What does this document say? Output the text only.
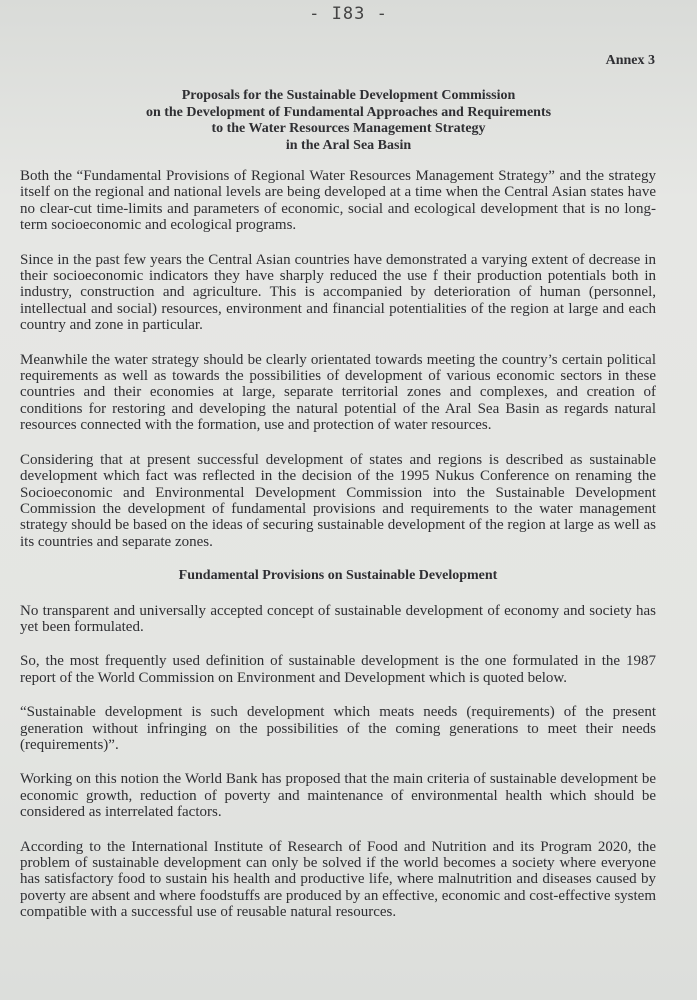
- I83 -
Annex 3
Proposals for the Sustainable Development Commission
on the Development of Fundamental Approaches and Requirements
to the Water Resources Management Strategy
in the Aral Sea Basin

Both the “Fundamental Provisions of Regional Water Resources Management Strategy” and the strategy itself on the regional and national levels are being developed at a time when the Central Asian states have no clear-cut time-limits and parameters of economic, social and ecological development that is no long-term socioeconomic and ecological programs.

Since in the past few years the Central Asian countries have demonstrated a varying extent of decrease in their socioeconomic indicators they have sharply reduced the use f their production potentials both in industry, construction and agriculture. This is accompanied by deterioration of human (personnel, intellectual and social) resources, environment and financial potentialities of the region at large and each country and zone in particular.

Meanwhile the water strategy should be clearly orientated towards meeting the country’s certain political requirements as well as towards the possibilities of development of various economic sectors in these countries and their economies at large, separate territorial zones and complexes, and creation of conditions for restoring and developing the natural potential of the Aral Sea Basin as regards natural resources connected with the formation, use and protection of water resources.

Considering that at present successful development of states and regions is described as sustainable development which fact was reflected in the decision of the 1995 Nukus Conference on renaming the Socioeconomic and Environmental Development Commission into the Sustainable Development Commission the development of fundamental provisions and requirements to the water management strategy should be based on the ideas of securing sustainable development of the region at large as well as its countries and separate zones.

Fundamental Provisions on Sustainable Development

No transparent and universally accepted concept of sustainable development of economy and society has yet been formulated.

So, the most frequently used definition of sustainable development is the one formulated in the 1987 report of the World Commission on Environment and Development which is quoted below.

“Sustainable development is such development which meats needs (requirements) of the present generation without infringing on the possibilities of the coming generations to meet their needs (requirements)”.

Working on this notion the World Bank has proposed that the main criteria of sustainable development be economic growth, reduction of poverty and maintenance of environmental health which should be considered as interrelated factors.

According to the International Institute of Research of Food and Nutrition and its Program 2020, the problem of sustainable development can only be solved if the world becomes a society where everyone has satisfactory food to sustain his health and productive life, where malnutrition and diseases caused by poverty are absent and where foodstuffs are produced by an effective, economic and cost-effective system compatible with a successful use of reusable natural resources.
